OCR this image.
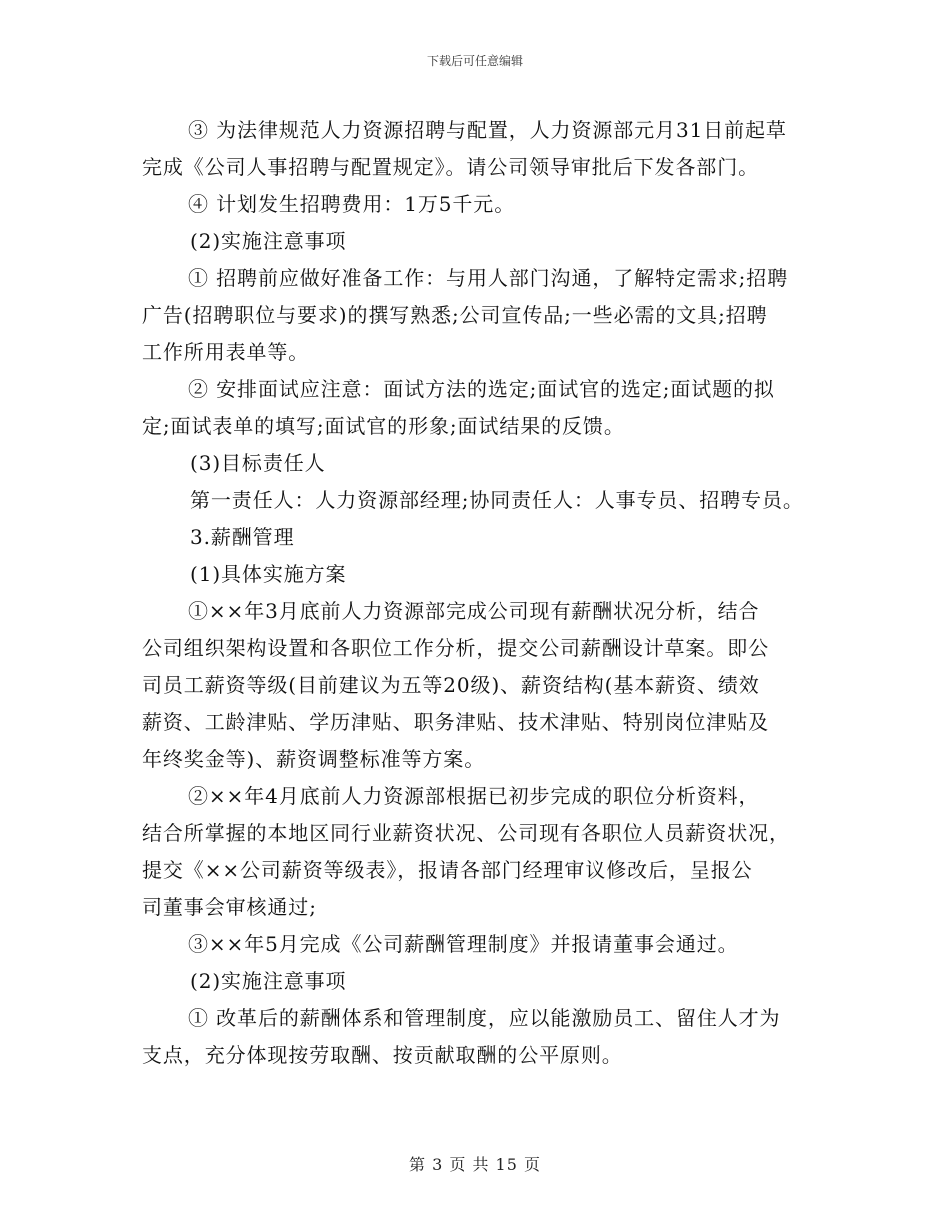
下载后可任意编辑
③ 为法律规范人力资源招聘与配置，人力资源部元月31日前起草
完成《公司人事招聘与配置规定》。请公司领导审批后下发各部门。
④ 计划发生招聘费用：1万5千元。
(2)实施注意事项
① 招聘前应做好准备工作：与用人部门沟通，了解特定需求;招聘
广告(招聘职位与要求)的撰写熟悉;公司宣传品;一些必需的文具;招聘
工作所用表单等。
② 安排面试应注意：面试方法的选定;面试官的选定;面试题的拟
定;面试表单的填写;面试官的形象;面试结果的反馈。
(3)目标责任人
第一责任人：人力资源部经理;协同责任人：人事专员、招聘专员。
3.薪酬管理
(1)具体实施方案
①××年3月底前人力资源部完成公司现有薪酬状况分析，结合
公司组织架构设置和各职位工作分析，提交公司薪酬设计草案。即公
司员工薪资等级(目前建议为五等20级)、薪资结构(基本薪资、绩效
薪资、工龄津贴、学历津贴、职务津贴、技术津贴、特别岗位津贴及
年终奖金等)、薪资调整标准等方案。
②××年4月底前人力资源部根据已初步完成的职位分析资料，
结合所掌握的本地区同行业薪资状况、公司现有各职位人员薪资状况，
提交《××公司薪资等级表》，报请各部门经理审议修改后，呈报公
司董事会审核通过;
③××年5月完成《公司薪酬管理制度》并报请董事会通过。
(2)实施注意事项
① 改革后的薪酬体系和管理制度，应以能激励员工、留住人才为
支点，充分体现按劳取酬、按贡献取酬的公平原则。
第 3 页 共 15 页
